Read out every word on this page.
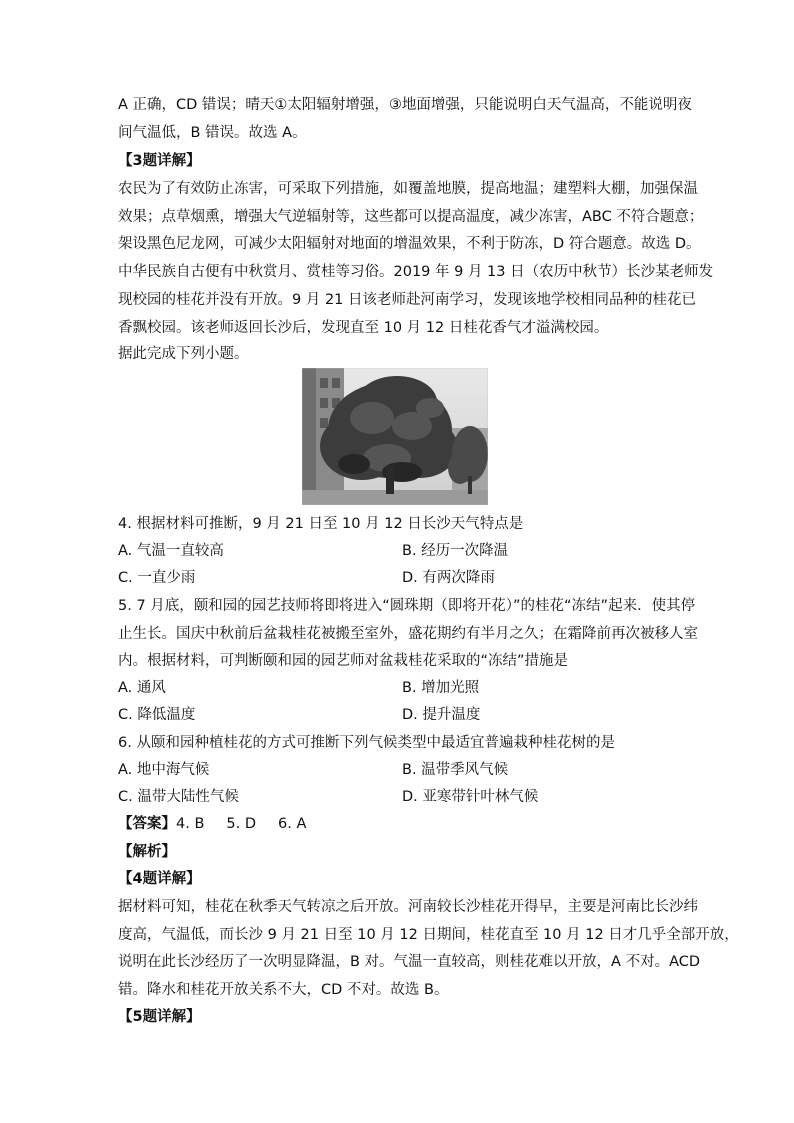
A 正确，CD 错误；晴天①太阳辐射增强，③地面增强，只能说明白天气温高，不能说明夜
间气温低，B 错误。故选 A。
【3题详解】
农民为了有效防止冻害，可采取下列措施，如覆盖地膜，提高地温；建塑料大棚，加强保温
效果；点草烟熏，增强大气逆辐射等，这些都可以提高温度，减少冻害，ABC 不符合题意；
架设黑色尼龙网，可减少太阳辐射对地面的增温效果，不利于防冻，D 符合题意。故选 D。
中华民族自古便有中秋赏月、赏桂等习俗。2019 年 9 月 13 日（农历中秋节）长沙某老师发
现校园的桂花并没有开放。9 月 21 日该老师赴河南学习，发现该地学校相同品种的桂花已
香飘校园。该老师返回长沙后，发现直至 10 月 12 日桂花香气才溢满校园。
据此完成下列小题。
4. 根据材料可推断，9 月 21 日至 10 月 12 日长沙天气特点是
A. 气温一直较高	B. 经历一次降温
C. 一直少雨	D. 有两次降雨
5. 7 月底，颐和园的园艺技师将即将进入“圆珠期（即将开花）”的桂花“冻结”起来．使其停
止生长。国庆中秋前后盆栽桂花被搬至室外，盛花期约有半月之久；在霜降前再次被移人室
内。根据材料，可判断颐和园的园艺师对盆栽桂花采取的“冻结”措施是
A. 通风	B. 增加光照
C. 降低温度	D. 提升温度
6. 从颐和园种植桂花的方式可推断下列气候类型中最适宜普遍栽种桂花树的是
A. 地中海气候	B. 温带季风气候
C. 温带大陆性气候	D. 亚寒带针叶林气候
【答案】4. B 5. D 6. A
【解析】
【4题详解】
据材料可知，桂花在秋季天气转凉之后开放。河南较长沙桂花开得早，主要是河南比长沙纬
度高，气温低，而长沙 9 月 21 日至 10 月 12 日期间，桂花直至 10 月 12 日才几乎全部开放，
说明在此长沙经历了一次明显降温，B 对。气温一直较高，则桂花难以开放，A 不对。ACD
错。降水和桂花开放关系不大，CD 不对。故选 B。
【5题详解】
